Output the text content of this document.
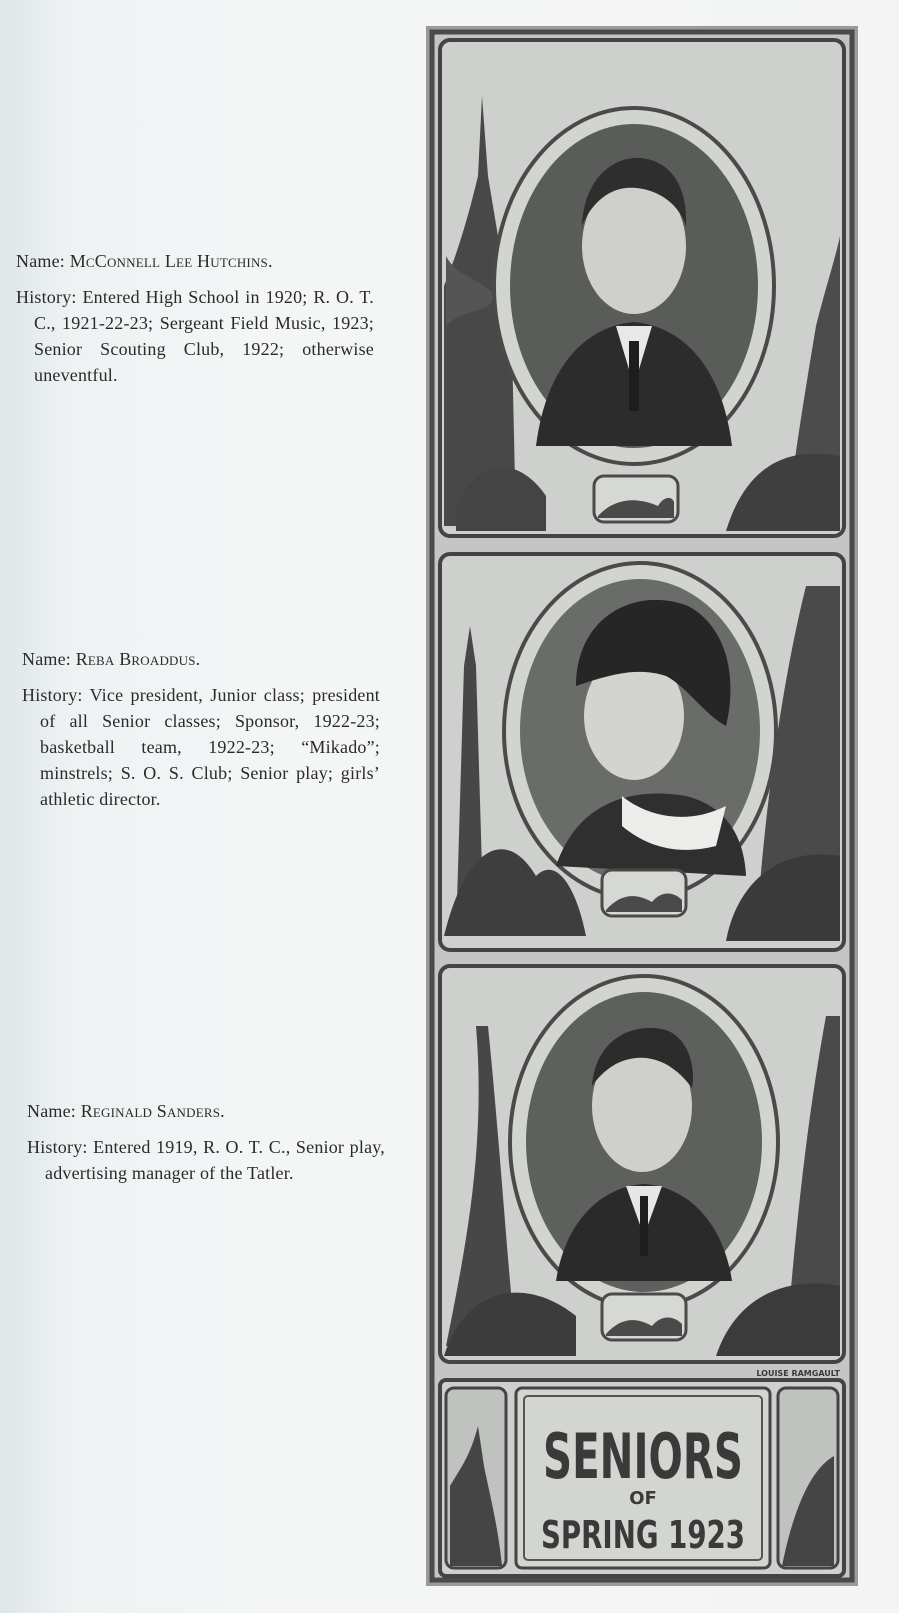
Name: McConnell Lee Hutchins.

History: Entered High School in 1920; R. O. T. C., 1921-22-23; Sergeant Field Music, 1923; Senior Scouting Club, 1922; otherwise uneventful.

Name: Reba Broaddus.

History: Vice president, Junior class; president of all Senior classes; Sponsor, 1922-23; basketball team, 1922-23; “Mikado”; minstrels; S. O. S. Club; Senior play; girls’ athletic director.

Name: Reginald Sanders.

History: Entered 1919, R. O. T. C., Senior play, advertising manager of the Tatler.

LOUISE RAMGAULT
SENIORS
OF
SPRING 1923
